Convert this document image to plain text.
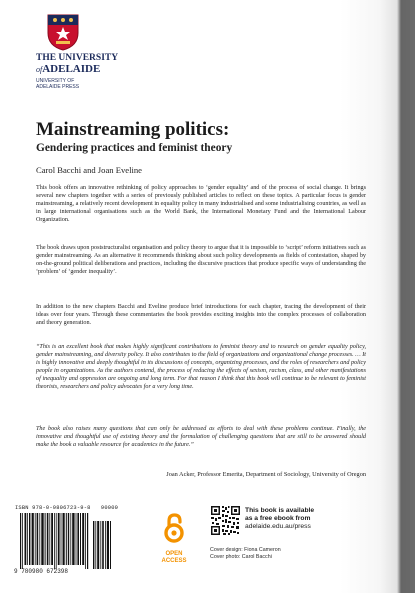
THE UNIVERSITY
ofADELAIDE
UNIVERSITY OF
ADELAIDE PRESS
Mainstreaming politics:
Gendering practices and feminist theory
Carol Bacchi and Joan Eveline

This book offers an innovative rethinking of policy approaches to ‘gender equality’ and of the process of social change. It brings several new chapters together with a series of previously published articles to reflect on these topics. A particular focus is gender mainstreaming, a relatively recent development in equality policy in many industrialised and some industrialising countries, as well as in large international organisations such as the World Bank, the International Monetary Fund and the International Labour Organization.

The book draws upon poststructuralist organisation and policy theory to argue that it is impossible to ‘script’ reform initiatives such as gender mainstreaming. As an alternative it recommends thinking about such policy developments as fields of contestation, shaped by on-the-ground political deliberations and practices, including the discursive practices that produce specific ways of understanding the ‘problem’ of ‘gender inequality’.

In addition to the new chapters Bacchi and Eveline produce brief introductions for each chapter, tracing the development of their ideas over four years. Through these commentaries the book provides exciting insights into the complex processes of collaboration and theory generation.

“This is an excellent book that makes highly significant contributions to feminist theory and to research on gender equality policy, gender mainstreaming, and diversity policy. It also contributes to the field of organizations and organizational change processes. … It is highly innovative and deeply thoughtful in its discussions of concepts, organizing processes, and the roles of researchers and policy people in organizations. As the authors contend, the process of reducing the effects of sexism, racism, class, and other manifestations of inequality and oppression are ongoing and long term. For that reason I think that this book will continue to be relevant to feminist theorists, researchers and policy advocates for a very long time.

The book also raises many questions that can only be addressed as efforts to deal with these problems continue. Finally, the innovative and thoughtful use of existing theory and the formulation of challenging questions that are still to be answered should make the book a valuable resource for academics in the future.”

Joan Acker, Professor Emerita, Department of Sociology, University of Oregon
ISBN 978-0-9806723-9-8 90000
9 780980 672398
OPEN
ACCESS
This book is available
as a free ebook from
adelaide.edu.au/press
Cover design: Fiona Cameron
Cover photo: Carol Bacchi
